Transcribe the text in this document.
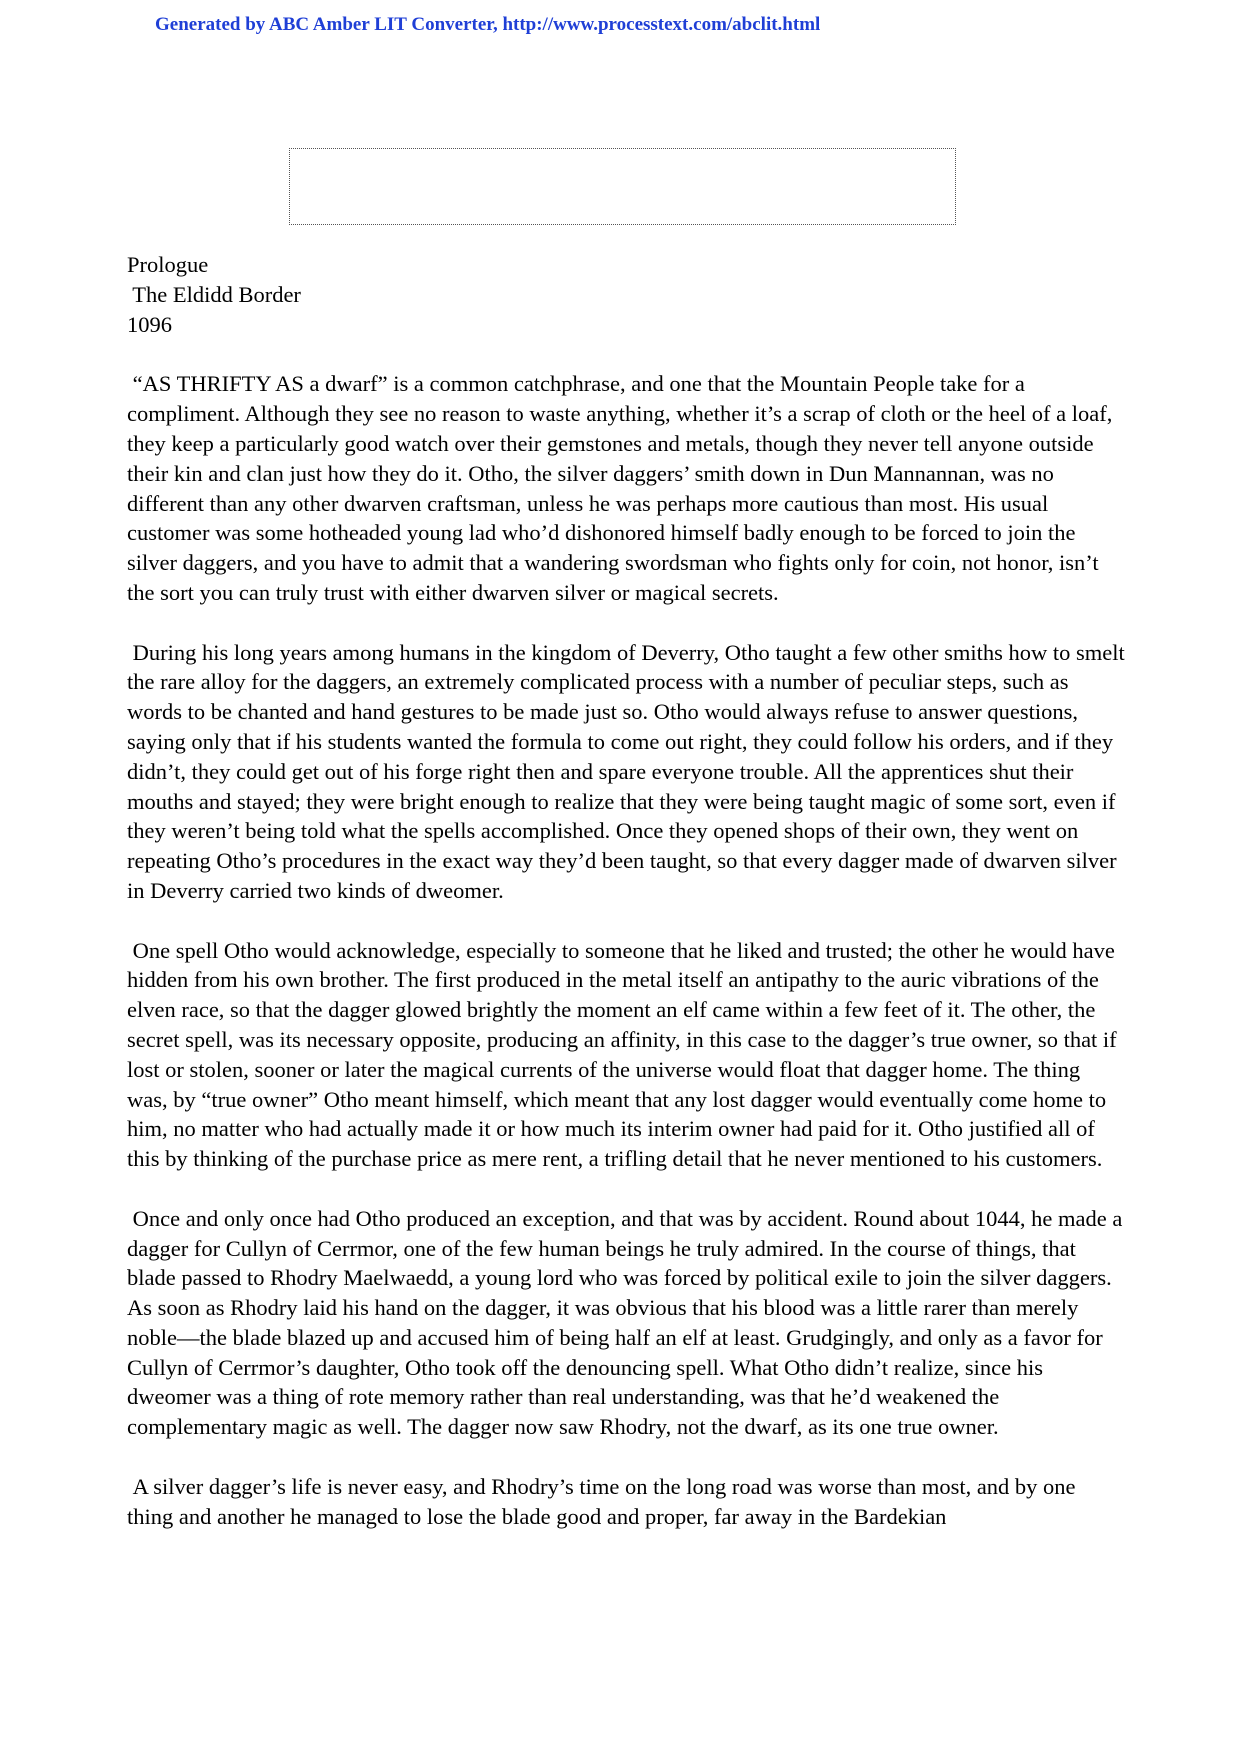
Generated by ABC Amber LIT Converter, http://www.processtext.com/abclit.html

Prologue

The Eldidd Border
1096

“AS THRIFTY AS a dwarf” is a common catchphrase, and one that the Mountain People take for a compliment. Although they see no reason to waste anything, whether it’s a scrap of cloth or the heel of a loaf, they keep a particularly good watch over their gemstones and metals, though they never tell anyone outside their kin and clan just how they do it. Otho, the silver daggers’ smith down in Dun Mannannan, was no different than any other dwarven craftsman, unless he was perhaps more cautious than most. His usual customer was some hotheaded young lad who’d dishonored himself badly enough to be forced to join the silver daggers, and you have to admit that a wandering swordsman who fights only for coin, not honor, isn’t the sort you can truly trust with either dwarven silver or magical secrets.

During his long years among humans in the kingdom of Deverry, Otho taught a few other smiths how to smelt the rare alloy for the daggers, an extremely complicated process with a number of peculiar steps, such as words to be chanted and hand gestures to be made just so. Otho would always refuse to answer questions, saying only that if his students wanted the formula to come out right, they could follow his orders, and if they didn’t, they could get out of his forge right then and spare everyone trouble. All the apprentices shut their mouths and stayed; they were bright enough to realize that they were being taught magic of some sort, even if they weren’t being told what the spells accomplished. Once they opened shops of their own, they went on repeating Otho’s procedures in the exact way they’d been taught, so that every dagger made of dwarven silver in Deverry carried two kinds of dweomer.

One spell Otho would acknowledge, especially to someone that he liked and trusted; the other he would have hidden from his own brother. The first produced in the metal itself an antipathy to the auric vibrations of the elven race, so that the dagger glowed brightly the moment an elf came within a few feet of it. The other, the secret spell, was its necessary opposite, producing an affinity, in this case to the dagger’s true owner, so that if lost or stolen, sooner or later the magical currents of the universe would float that dagger home. The thing was, by “true owner” Otho meant himself, which meant that any lost dagger would eventually come home to him, no matter who had actually made it or how much its interim owner had paid for it. Otho justified all of this by thinking of the purchase price as mere rent, a trifling detail that he never mentioned to his customers.

Once and only once had Otho produced an exception, and that was by accident. Round about 1044, he made a dagger for Cullyn of Cerrmor, one of the few human beings he truly admired. In the course of things, that blade passed to Rhodry Maelwaedd, a young lord who was forced by political exile to join the silver daggers. As soon as Rhodry laid his hand on the dagger, it was obvious that his blood was a little rarer than merely noble—the blade blazed up and accused him of being half an elf at least. Grudgingly, and only as a favor for Cullyn of Cerrmor’s daughter, Otho took off the denouncing spell. What Otho didn’t realize, since his dweomer was a thing of rote memory rather than real understanding, was that he’d weakened the complementary magic as well. The dagger now saw Rhodry, not the dwarf, as its one true owner.

A silver dagger’s life is never easy, and Rhodry’s time on the long road was worse than most, and by one thing and another he managed to lose the blade good and proper, far away in the Bardekian
